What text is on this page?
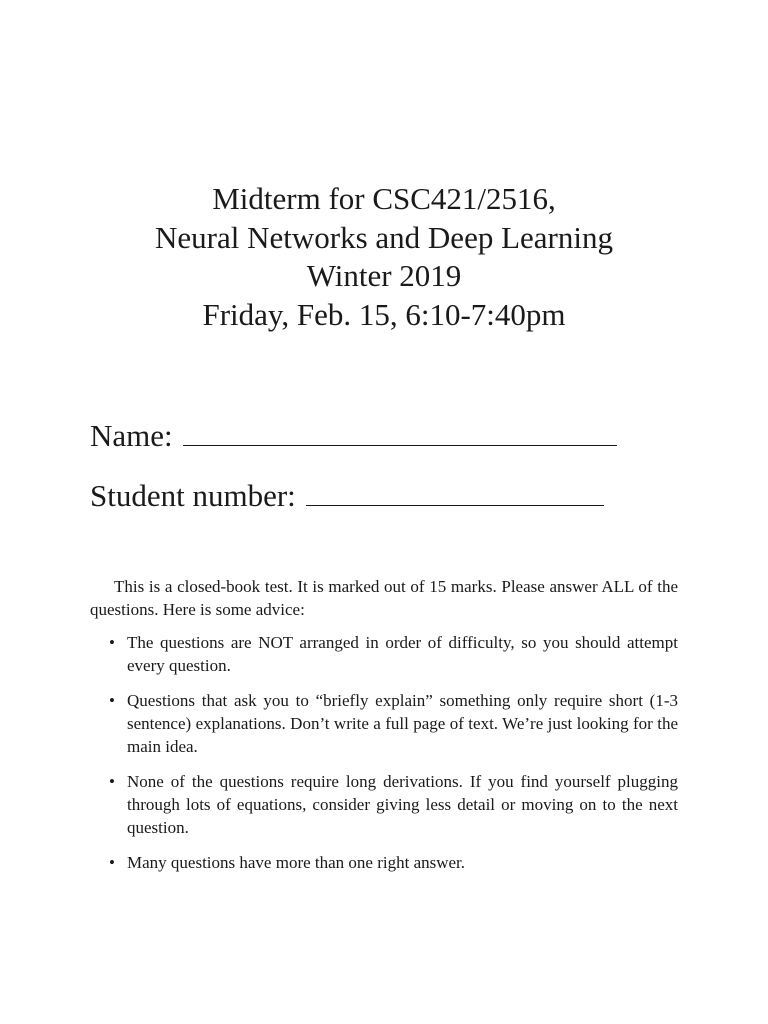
Midterm for CSC421/2516,
Neural Networks and Deep Learning
Winter 2019
Friday, Feb. 15, 6:10-7:40pm
Name:
Student number:

This is a closed-book test. It is marked out of 15 marks. Please answer ALL of the questions. Here is some advice:

• The questions are NOT arranged in order of difficulty, so you should attempt every question.
• Questions that ask you to “briefly explain” something only require short (1-3 sentence) explanations. Don’t write a full page of text. We’re just looking for the main idea.
• None of the questions require long derivations. If you find yourself plugging through lots of equations, consider giving less detail or moving on to the next question.
• Many questions have more than one right answer.
